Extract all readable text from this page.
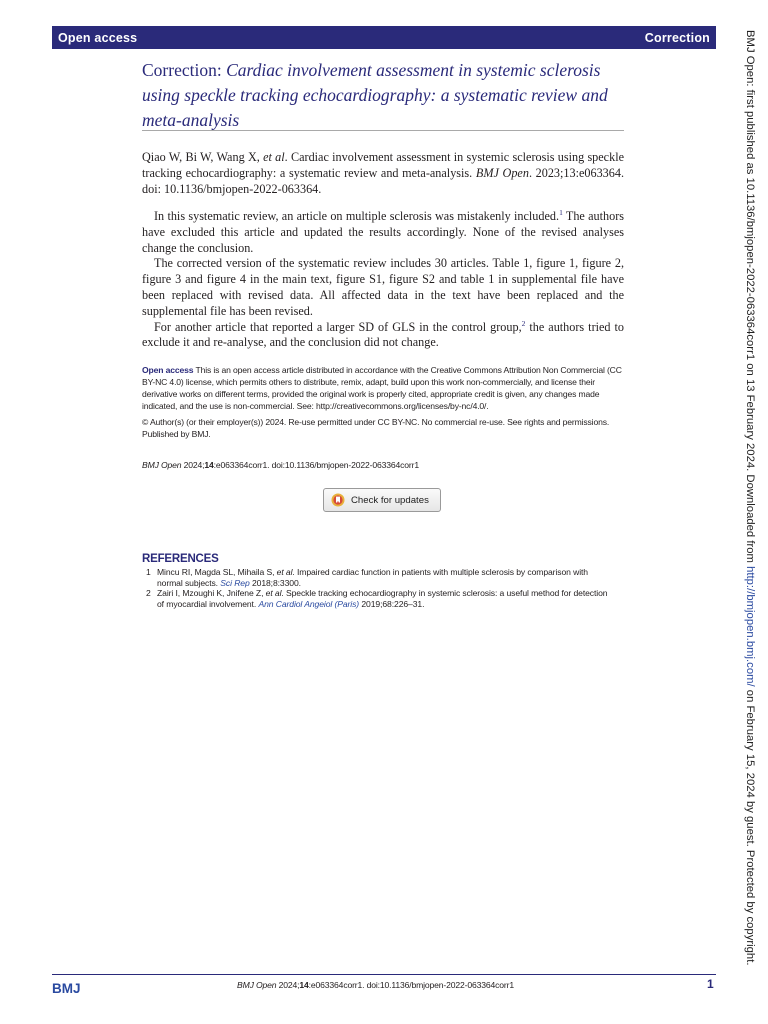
Open access	Correction
Correction: Cardiac involvement assessment in systemic sclerosis using speckle tracking echocardiography: a systematic review and meta-analysis
Qiao W, Bi W, Wang X, et al. Cardiac involvement assessment in systemic sclerosis using speckle tracking echocardiography: a systematic review and meta-analysis. BMJ Open. 2023;13:e063364. doi: 10.1136/bmjopen-2022-063364.

In this systematic review, an article on multiple sclerosis was mistakenly included.$^1$ The authors have excluded this article and updated the results accordingly. None of the revised analyses change the conclusion.

The corrected version of the systematic review includes 30 articles. Table 1, figure 1, figure 2, figure 3 and figure 4 in the main text, figure S1, figure S2 and table 1 in supplemental file have been replaced with revised data. All affected data in the text have been replaced and the supplemental file has been revised.

For another article that reported a larger SD of GLS in the control group,$^2$ the authors tried to exclude it and re-analyse, and the conclusion did not change.

Open access This is an open access article distributed in accordance with the Creative Commons Attribution Non Commercial (CC BY-NC 4.0) license, which permits others to distribute, remix, adapt, build upon this work non-commercially, and license their derivative works on different terms, provided the original work is properly cited, appropriate credit is given, any changes made indicated, and the use is non-commercial. See: http://creativecommons.org/licenses/by-nc/4.0/.

© Author(s) (or their employer(s)) 2024. Re-use permitted under CC BY-NC. No commercial re-use. See rights and permissions. Published by BMJ.

BMJ Open 2024;14:e063364corr1. doi:10.1136/bmjopen-2022-063364corr1
Check for updates
REFERENCES
1 Mincu RI, Magda SL, Mihaila S, et al. Impaired cardiac function in patients with multiple sclerosis by comparison with normal subjects. Sci Rep 2018;8:3300.
2 Zairi I, Mzoughi K, Jnifene Z, et al. Speckle tracking echocardiography in systemic sclerosis: a useful method for detection of myocardial involvement. Ann Cardiol Angeiol (Paris) 2019;68:226–31.
BMJ Open: first published as 10.1136/bmjopen-2022-063364corr1 on 13 February 2024. Downloaded from http://bmjopen.bmj.com/ on February 15, 2024 by guest. Protected by copyright.
BMJ	BMJ Open 2024;14:e063364corr1. doi:10.1136/bmjopen-2022-063364corr1	1
